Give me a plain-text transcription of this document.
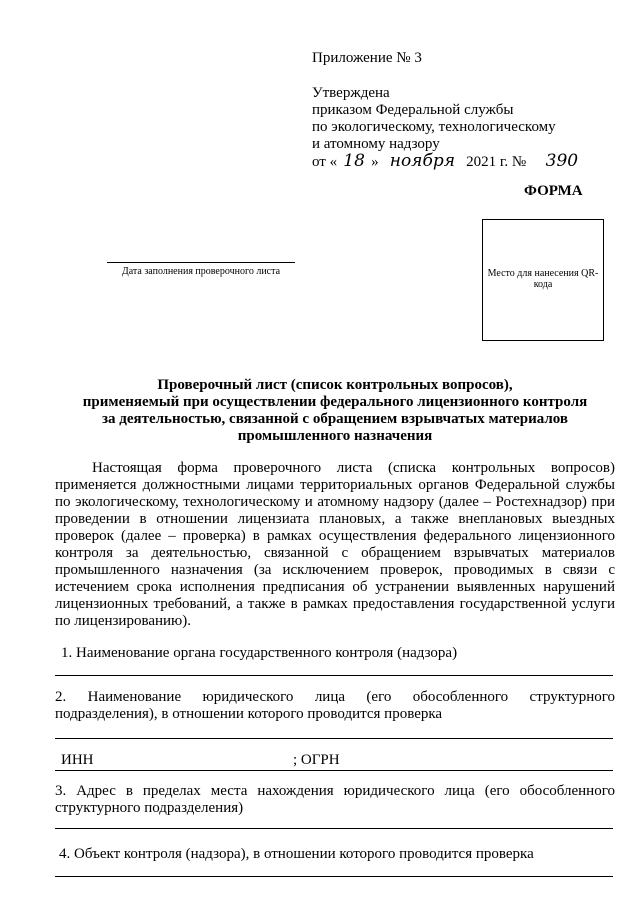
Приложение № 3
Утверждена
приказом Федеральной службы
по экологическому, технологическому
и атомному надзору
от « 18 » ноября 2021 г. № 390
ФОРМА
Дата заполнения проверочного листа	Место для нанесения QR-кода
Проверочный лист (список контрольных вопросов),
применяемый при осуществлении федерального лицензионного контроля
за деятельностью, связанной с обращением взрывчатых материалов
промышленного назначения
Настоящая форма проверочного листа (списка контрольных вопросов) применяется должностными лицами территориальных органов Федеральной службы по экологическому, технологическому и атомному надзору (далее – Ростехнадзор) при проведении в отношении лицензиата плановых, а также внеплановых выездных проверок (далее – проверка) в рамках осуществления федерального лицензионного контроля за деятельностью, связанной с обращением взрывчатых материалов промышленного назначения (за исключением проверок, проводимых в связи с истечением срока исполнения предписания об устранении выявленных нарушений лицензионных требований, а также в рамках предоставления государственной услуги по лицензированию).
1. Наименование органа государственного контроля (надзора)
2. Наименование юридического лица (его обособленного структурного подразделения), в отношении которого проводится проверка
ИНН	; ОГРН
3. Адрес в пределах места нахождения юридического лица (его обособленного структурного подразделения)
4. Объект контроля (надзора), в отношении которого проводится проверка
